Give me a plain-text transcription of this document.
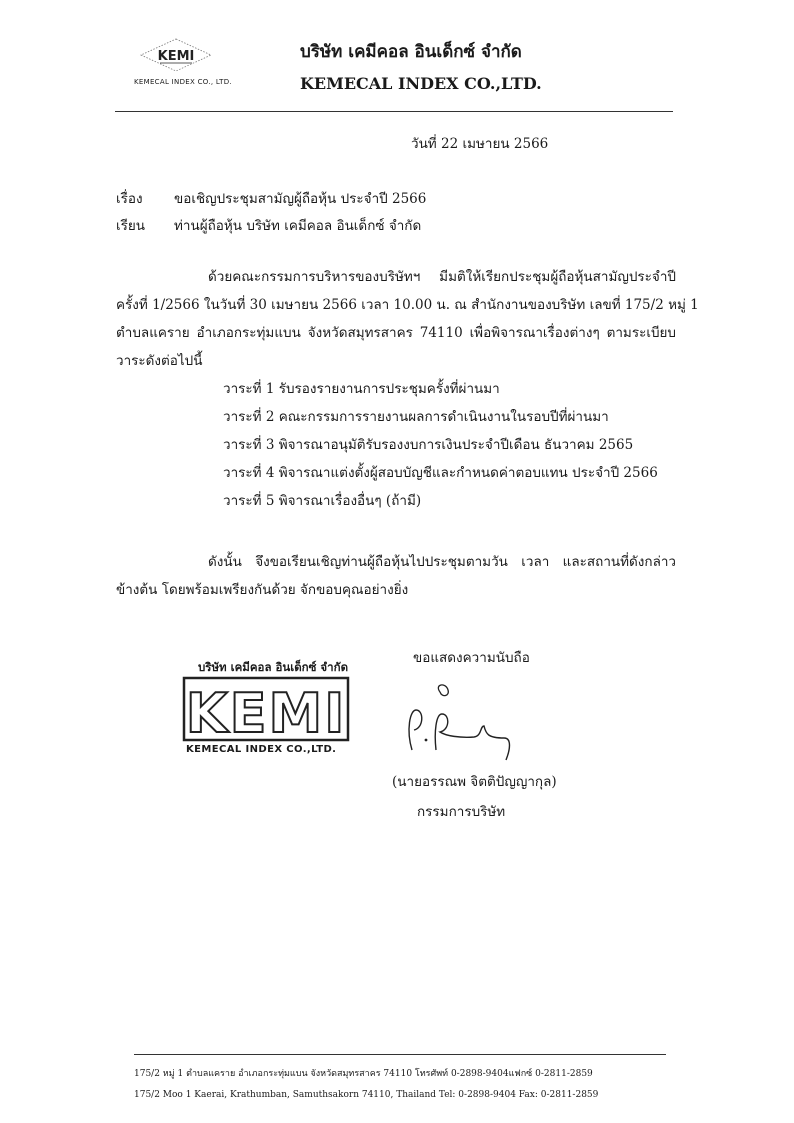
KEMI
KEMECAL INDEX CO., LTD.
บริษัท เคมีคอล อินเด็กซ์ จำกัด
KEMECAL INDEX CO.,LTD.
วันที่ 22 เมษายน 2566
เรื่อง ขอเชิญประชุมสามัญผู้ถือหุ้น ประจำปี 2566
เรียน ท่านผู้ถือหุ้น บริษัท เคมีคอล อินเด็กซ์ จำกัด
ด้วยคณะกรรมการบริหารของบริษัทฯ มีมติให้เรียกประชุมผู้ถือหุ้นสามัญประจำปี
ครั้งที่ 1/2566 ในวันที่ 30 เมษายน 2566 เวลา 10.00 น. ณ สำนักงานของบริษัท เลขที่ 175/2 หมู่ 1
ตำบลแคราย อำเภอกระทุ่มแบน จังหวัดสมุทรสาคร 74110 เพื่อพิจารณาเรื่องต่างๆ ตามระเบียบ
วาระดังต่อไปนี้
วาระที่ 1 รับรองรายงานการประชุมครั้งที่ผ่านมา
วาระที่ 2 คณะกรรมการรายงานผลการดำเนินงานในรอบปีที่ผ่านมา
วาระที่ 3 พิจารณาอนุมัติรับรองงบการเงินประจำปีเดือน ธันวาคม 2565
วาระที่ 4 พิจารณาแต่งตั้งผู้สอบบัญชีและกำหนดค่าตอบแทน ประจำปี 2566
วาระที่ 5 พิจารณาเรื่องอื่นๆ (ถ้ามี)
ดังนั้น จึงขอเรียนเชิญท่านผู้ถือหุ้นไปประชุมตามวัน เวลา และสถานที่ดังกล่าว
ข้างต้น โดยพร้อมเพรียงกันด้วย จักขอบคุณอย่างยิ่ง
ขอแสดงความนับถือ
KEMI
บริษัท เคมีคอล อินเด็กซ์ จำกัด
KEMECAL INDEX CO.,LTD.
(นายอรรณพ จิตติปัญญากุล)
กรรมการบริษัท
175/2 หมู่ 1 ตำบลแคราย อำเภอกระทุ่มแบน จังหวัดสมุทรสาคร 74110 โทรศัพท์ 0-2898-9404แฟกซ์ 0-2811-2859
175/2 Moo 1 Kaerai, Krathumban, Samuthsakorn 74110, Thailand Tel: 0-2898-9404 Fax: 0-2811-2859
